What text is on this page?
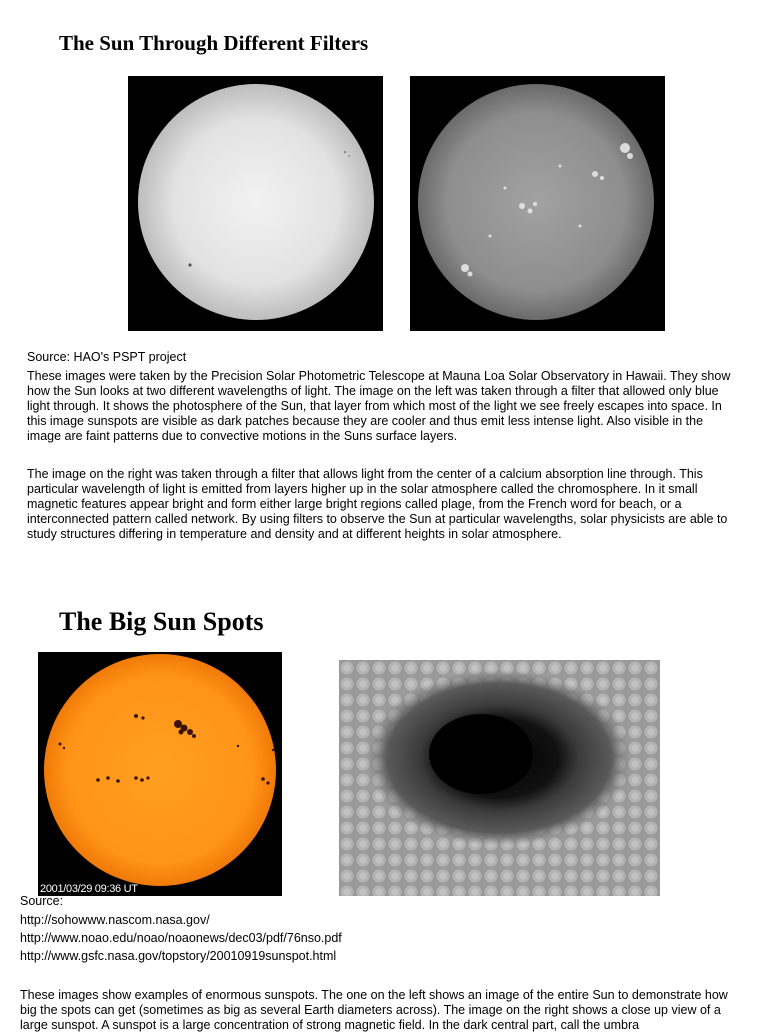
The Sun Through Different Filters

Source: HAO's PSPT project

These images were taken by the Precision Solar Photometric Telescope at Mauna Loa Solar Observatory in Hawaii. They show how the Sun looks at two different wavelengths of light. The image on the left was taken through a filter that allowed only blue light through. It shows the photosphere of the Sun, that layer from which most of the light we see freely escapes into space. In this image sunspots are visible as dark patches because they are cooler and thus emit less intense light. Also visible in the image are faint patterns due to convective motions in the Suns surface layers.

The image on the right was taken through a filter that allows light from the center of a calcium absorption line through. This particular wavelength of light is emitted from layers higher up in the solar atmosphere called the chromosphere. In it small magnetic features appear bright and form either large bright regions called plage, from the French word for beach, or a interconnected pattern called network. By using filters to observe the Sun at particular wavelengths, solar physicists are able to study structures differing in temperature and density and at different heights in solar atmosphere.

The Big Sun Spots
2001/03/29 09:36 UT

Source:

http://sohowww.nascom.nasa.gov/

http://www.noao.edu/noao/noaonews/dec03/pdf/76nso.pdf

http://www.gsfc.nasa.gov/topstory/20010919sunspot.html

These images show examples of enormous sunspots. The one on the left shows an image of the entire Sun to demonstrate how big the spots can get (sometimes as big as several Earth diameters across). The image on the right shows a close up view of a large sunspot. A sunspot is a large concentration of strong magnetic field. In the dark central part, call the umbra
